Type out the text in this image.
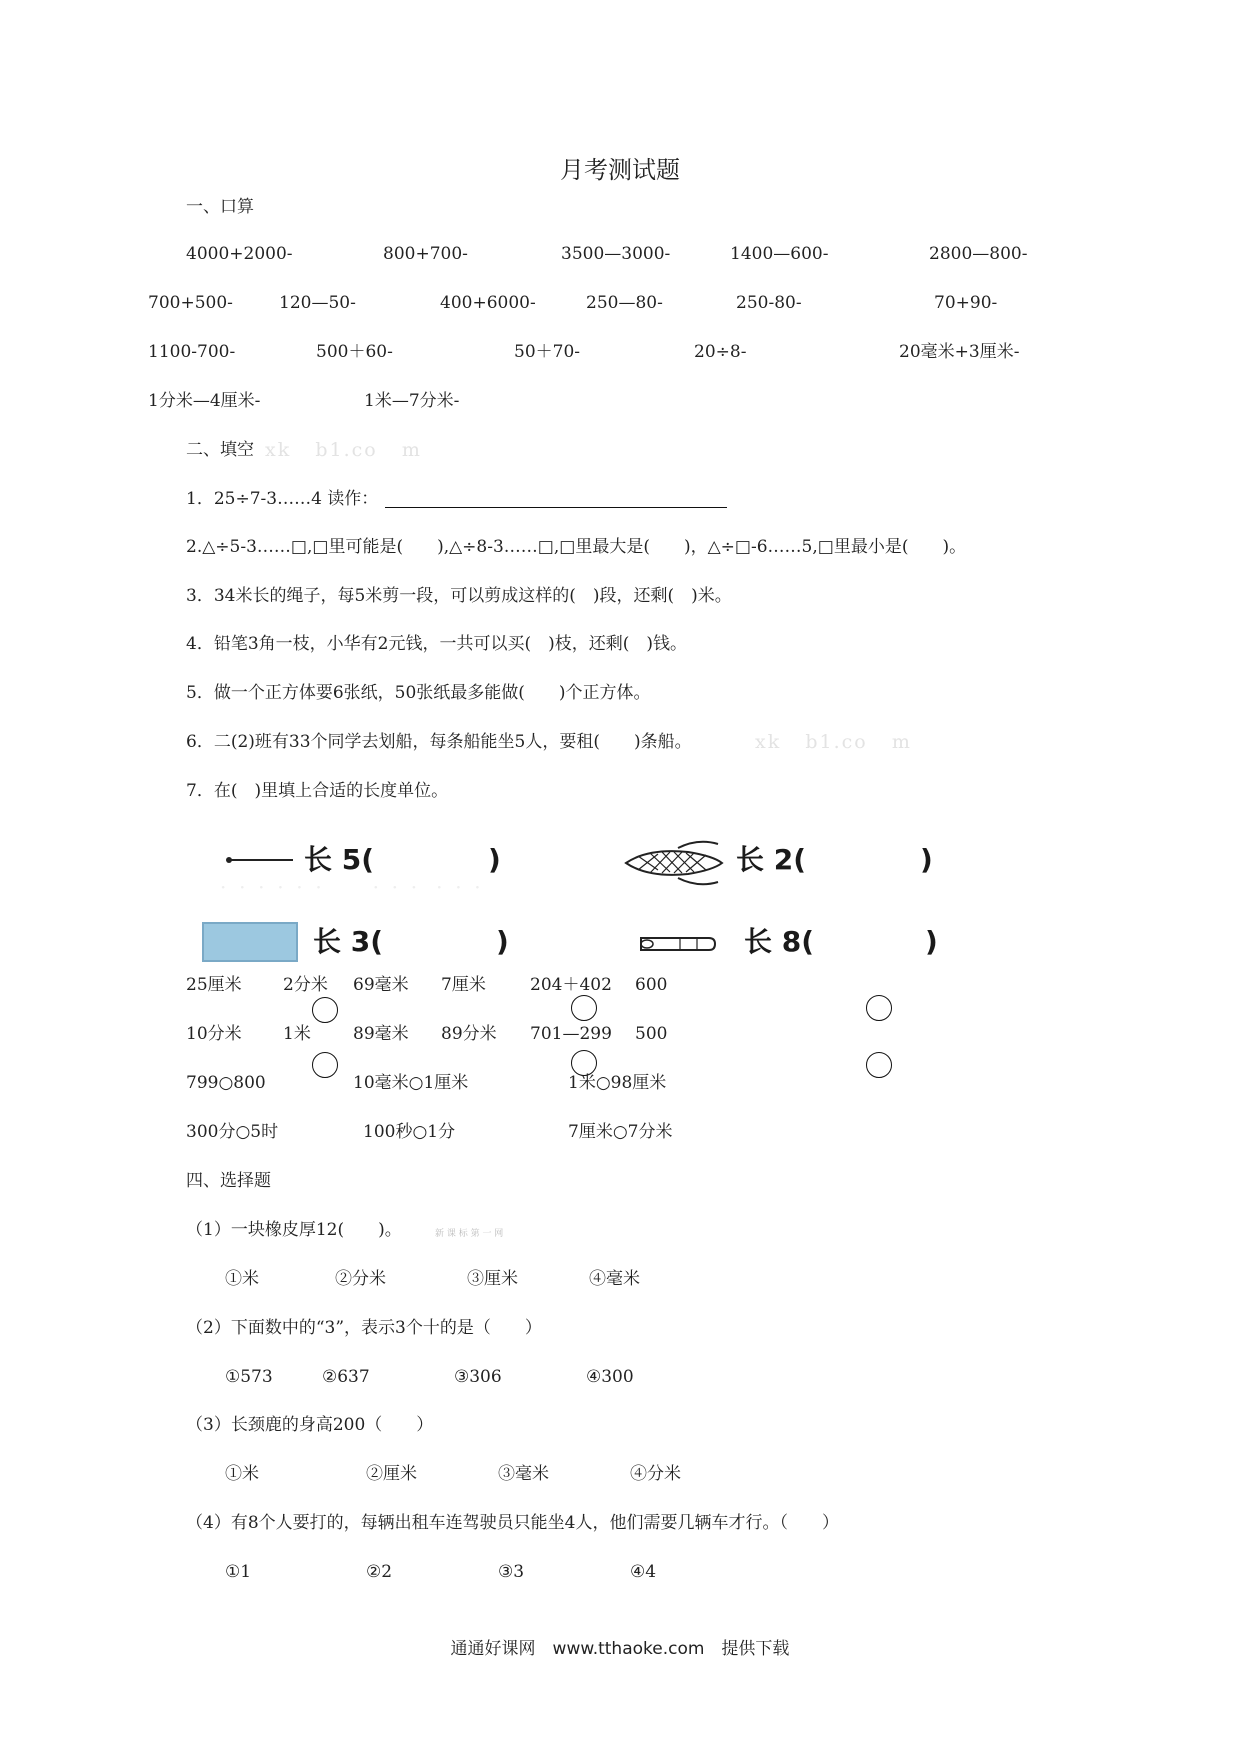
月考测试题
一、口算
4000+2000-	800+700-	3500—3000-	1400—600-	2800—800-
700+500-	120—50-	400+6000-	250—80-	250-80-	70+90-
1100-700-	500＋60-	50＋70-	20÷8-	20毫米+3厘米-
1分米—4厘米-	1米—7分米-
二、填空 xk   b1.co   m
1．25÷7-3……4 读作：
2.△÷5-3……□,□里可能是(　　),△÷8-3……□,□里最大是(　　)，△÷□-6……5,□里最小是(　　)。
3．34米长的绳子，每5米剪一段，可以剪成这样的(　)段，还剩(　)米。
4．铅笔3角一枝，小华有2元钱，一共可以买(　)枝，还剩(　)钱。
5．做一个正方体要6张纸，50张纸最多能做(　　)个正方体。
6．二(2)班有33个同学去划船，每条船能坐5人，要租(　　)条船。	xk   b1.co   m
7．在(　)里填上合适的长度单位。
·  ·  ·  ·  ·  ·        ·  ·  ·   ·  ·  ·
长 5(	)	长 2(	)
长 3(	)	长 8(	)
25厘米 2分米 69毫米 7厘米	204＋402 600
10分米 1米 89毫米 89分米 701—299 500
799○800	10毫米○1厘米	1米○98厘米
300分○5时	100秒○1分	7厘米○7分米
四、选择题
（1）一块橡皮厚12(　　)。	新 课 标 第 一 网
①米	②分米	③厘米	④毫米
（2）下面数中的“3”，表示3个十的是（　　）
①573	②637	③306	④300
（3）长颈鹿的身高200（　　）
①米	②厘米	③毫米	④分米
（4）有8个人要打的，每辆出租车连驾驶员只能坐4人，他们需要几辆车才行。（　　）
①1	②2	③3	④4
通通好课网　www.tthaoke.com　提供下载
